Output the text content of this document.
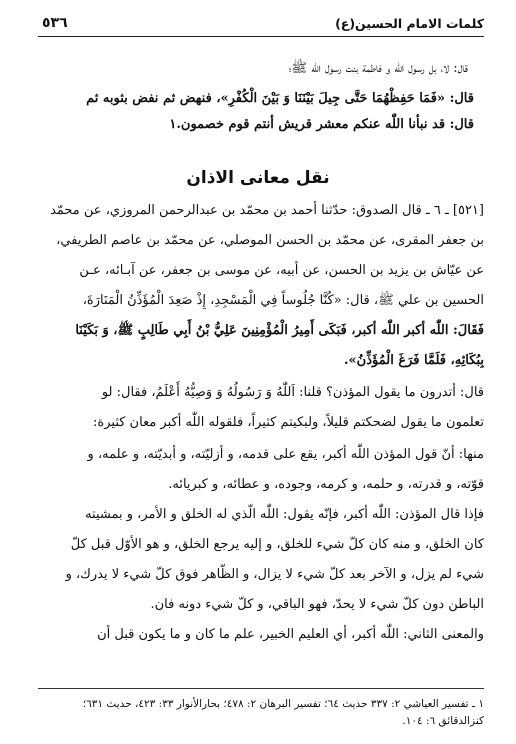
كلمات الامام الحسين(ع)
٥٣٦
قال: لا، بل رسول اللّٰه و فاطمة بنت رسول اللّٰه ﷺ؛
قال: «فَمَا حَفِظْهُمَا حَتَّى جِيلَ بَيْنَنَا وَ بَيْنَ الْكُفْرِ»، فنهض ثم نفض بثوبه ثم
قال: قد نبأنا اللّٰه عنكم معشر قريش أنتم قوم خصمون.١
نقل معانى الاذان
[٥٢١] ـ ٦ ـ قال الصدوق: حدّثنا أحمد بن محمّد بن عبدالرحمن المروزي، عن محمّد
بن جعفر المقرى، عن محمّد بن الحسن الموصلي، عن محمّد بن عاصم الطريفي،
عن عيّاش بن يزيد بن الحسن، عن أبيه، عن موسى بن جعفر، عن آبـائه، عـن
الحسين بن علي ﷺ، قال: «كُنَّا جُلُوساً فِي الْمَسْجِدِ، إِذْ صَعِدَ الْمُؤَذِّنُ الْمَنَارَةَ،
فَقَالَ: اللّٰه أكبر اللّٰه أكبر، فَبَكَى أَمِيرُ الْمُؤْمِنِينَ عَلِيُّ بْنُ أَبِي طَالِبٍ ﷺ، وَ بَكَيْنَا
بِبُكَائِهِ، فَلَمَّا فَرَغَ الْمُؤَذِّنُ».
قال: أتدرون ما يقول المؤذن؟ قلنا: اَللّٰهُ وَ رَسُولُهُ وَ وَصِيُّهُ أَعْلَمُ، فقال: لو
تعلمون ما يقول لضحكتم قليلاً، ولبكيتم كثيراً، فلقوله اللّٰه أكبر معان كثيرة:
منها: أنّ قول المؤذن اللّٰه أكبر، يقع على قدمه، و أزليّته، و أبديّته، و علمه، و
قوّته، و قدرته، و حلمه، و كرمه، وجوده، و عطائه، و كبريائه.
فإذا قال المؤذن: اللّٰه أكبر، فإنّه يقول: اللّٰه الّذي له الخلق و الأمر، و بمشيته
كان الخلق، و منه كان كلّ شيء للخلق، و إليه يرجع الخلق، و هو الأوّل قبل كلّ
شيء لم يزل، و الآخر بعد كلّ شيء لا يزال، و الظّاهر فوق كلّ شيء لا يدرك، و
الباطن دون كلّ شيء لا يحدّ، فهو الباقي، و كلّ شيء دونه فان.
والمعنى الثاني: اللّٰه أكبر، أي العليم الخبير، علم ما كان و ما يكون قبل أن
١ ـ تفسير العياشي ٢: ٣٣٧ حديث ٦٤؛ تفسير البرهان ٢: ٤٧٨؛ بحارالأنوار ٣٣: ٤٢٣، حديث ٦٣١؛
كنزالدقائق ٦: ١٠٤.
